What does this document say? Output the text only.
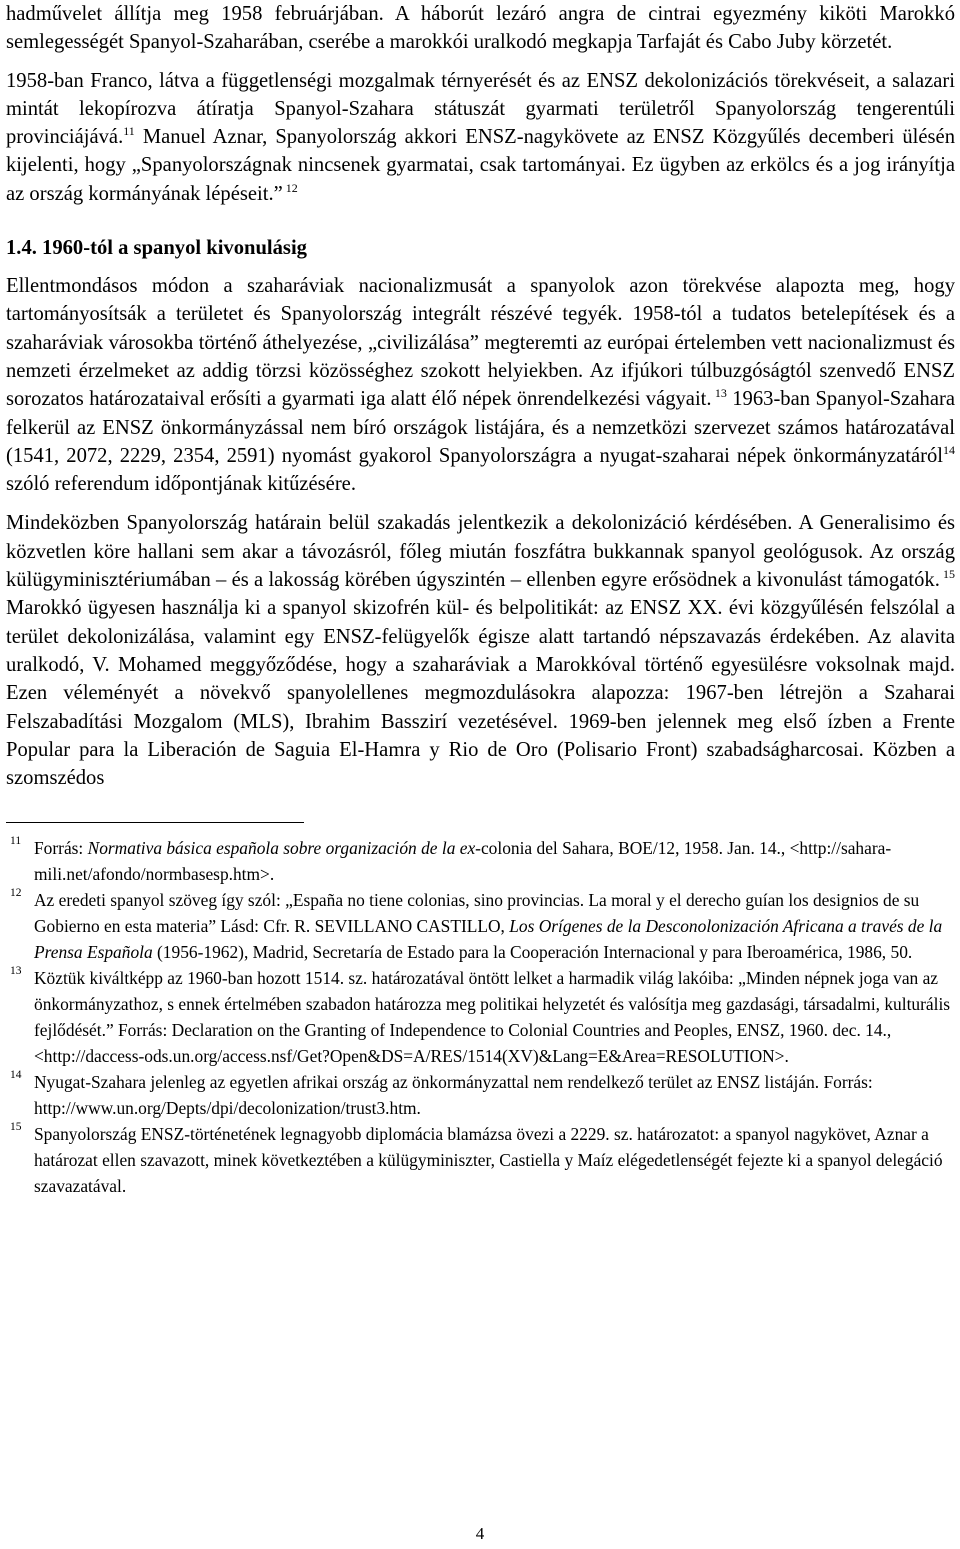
hadművelet állítja meg 1958 februárjában. A háborút lezáró angra de cintrai egyezmény kiköti Marokkó semlegességét Spanyol-Szaharában, cserébe a marokkói uralkodó megkapja Tarfaját és Cabo Juby körzetét.

1958-ban Franco, látva a függetlenségi mozgalmak térnyerését és az ENSZ dekolonizációs törekvéseit, a salazari mintát lekopírozva átíratja Spanyol-Szahara státuszát gyarmati területről Spanyolország tengerentúli provinciájává.$^{11}$ Manuel Aznar, Spanyolország akkori ENSZ-nagykövete az ENSZ Közgyűlés decemberi ülésén kijelenti, hogy „Spanyolországnak nincsenek gyarmatai, csak tartományai. Ez ügyben az erkölcs és a jog irányítja az ország kormányának lépéseit.” $^{12}$

1.4. 1960-tól a spanyol kivonulásig

Ellentmondásos módon a szaharáviak nacionalizmusát a spanyolok azon törekvése alapozta meg, hogy tartományosítsák a területet és Spanyolország integrált részévé tegyék. 1958-tól a tudatos betelepítések és a szaharáviak városokba történő áthelyezése, „civilizálása” megteremti az európai értelemben vett nacionalizmust és nemzeti érzelmeket az addig törzsi közösséghez szokott helyiekben. Az ifjúkori túlbuzgóságtól szenvedő ENSZ sorozatos határozataival erősíti a gyarmati iga alatt élő népek önrendelkezési vágyait. $^{13}$ 1963-ban Spanyol-Szahara felkerül az ENSZ önkormányzással nem bíró országok listájára, és a nemzetközi szervezet számos határozatával (1541, 2072, 2229, 2354, 2591) nyomást gyakorol Spanyolországra a nyugat-szaharai népek önkormányzatáról$^{14}$ szóló referendum időpontjának kitűzésére.

Mindeközben Spanyolország határain belül szakadás jelentkezik a dekolonizáció kérdésében. A Generalisimo és közvetlen köre hallani sem akar a távozásról, főleg miután foszfátra bukkannak spanyol geológusok. Az ország külügyminisztériumában – és a lakosság körében úgyszintén – ellenben egyre erősödnek a kivonulást támogatók. $^{15}$ Marokkó ügyesen használja ki a spanyol skizofrén kül- és belpolitikát: az ENSZ XX. évi közgyűlésén felszólal a terület dekolonizálása, valamint egy ENSZ-felügyelők égisze alatt tartandó népszavazás érdekében. Az alavita uralkodó, V. Mohamed meggyőződése, hogy a szaharáviak a Marokkóval történő egyesülésre voksolnak majd. Ezen véleményét a növekvő spanyolellenes megmozdulásokra alapozza: 1967-ben létrejön a Szaharai Felszabadítási Mozgalom (MLS), Ibrahim Basszirí vezetésével. 1969-ben jelennek meg első ízben a Frente Popular para la Liberación de Saguia El-Hamra y Rio de Oro (Polisario Front) szabadságharcosai. Közben a szomszédos

11 Forrás: Normativa básica española sobre organización de la ex-colonia del Sahara, BOE/12, 1958. Jan. 14., <http://sahara-mili.net/afondo/normbasesp.htm>.

12 Az eredeti spanyol szöveg így szól: „España no tiene colonias, sino provincias. La moral y el derecho guían los designios de su Gobierno en esta materia” Lásd: Cfr. R. SEVILLANO CASTILLO, Los Orígenes de la Desconolonización Africana a través de la Prensa Española (1956-1962), Madrid, Secretaría de Estado para la Cooperación Internacional y para Iberoamérica, 1986, 50.

13 Köztük kiváltképp az 1960-ban hozott 1514. sz. határozatával öntött lelket a harmadik világ lakóiba: „Minden népnek joga van az önkormányzathoz, s ennek értelmében szabadon határozza meg politikai helyzetét és valósítja meg gazdasági, társadalmi, kulturális fejlődését.” Forrás: Declaration on the Granting of Independence to Colonial Countries and Peoples, ENSZ, 1960. dec. 14., <http://daccess-ods.un.org/access.nsf/Get?Open&DS=A/RES/1514(XV)&Lang=E&Area=RESOLUTION>.

14 Nyugat-Szahara jelenleg az egyetlen afrikai ország az önkormányzattal nem rendelkező terület az ENSZ listáján. Forrás: http://www.un.org/Depts/dpi/decolonization/trust3.htm.

15 Spanyolország ENSZ-történetének legnagyobb diplomácia blamázsa övezi a 2229. sz. határozatot: a spanyol nagykövet, Aznar a határozat ellen szavazott, minek következtében a külügyminiszter, Castiella y Maíz elégedetlenségét fejezte ki a spanyol delegáció szavazatával.

4
